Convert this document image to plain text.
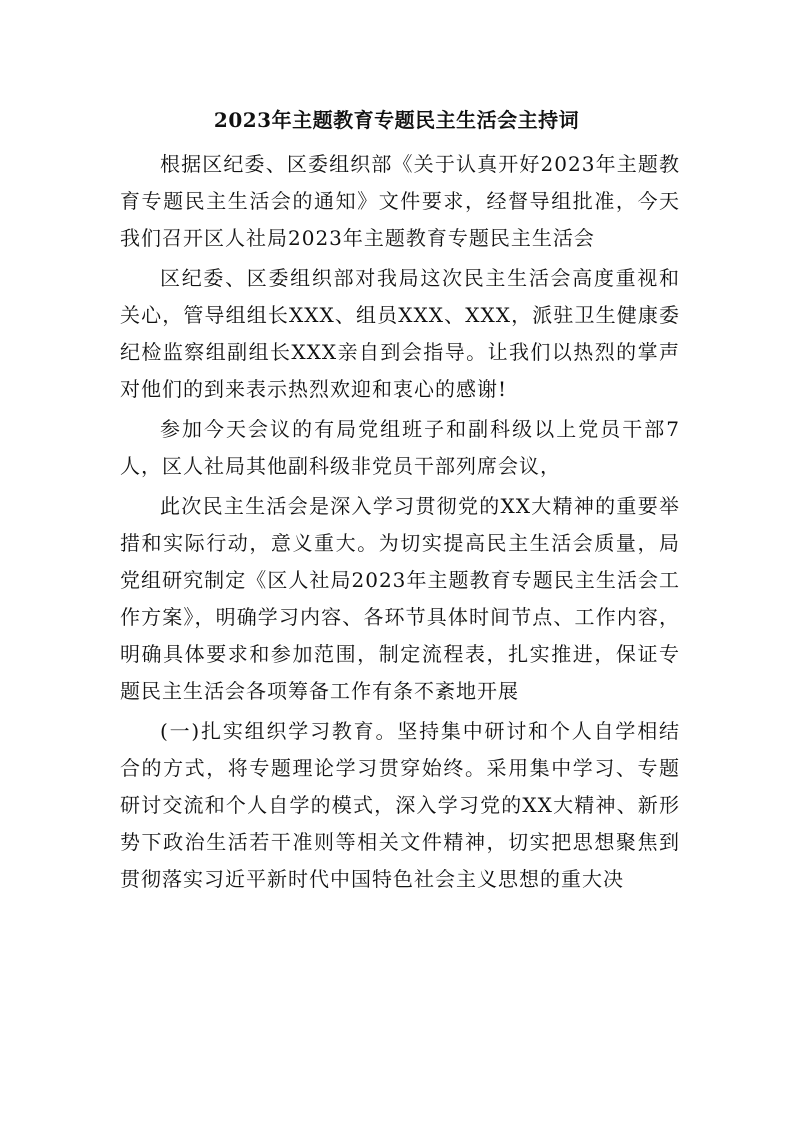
2023年主题教育专题民主生活会主持词

根据区纪委、区委组织部《关于认真开好2023年主题教育专题民主生活会的通知》文件要求，经督导组批准，今天我们召开区人社局2023年主题教育专题民主生活会

区纪委、区委组织部对我局这次民主生活会高度重视和关心，管导组组长XXX、组员XXX、XXX，派驻卫生健康委纪检监察组副组长XXX亲自到会指导。让我们以热烈的掌声对他们的到来表示热烈欢迎和衷心的感谢!

参加今天会议的有局党组班子和副科级以上党员干部7人，区人社局其他副科级非党员干部列席会议，

此次民主生活会是深入学习贯彻党的XX大精神的重要举措和实际行动，意义重大。为切实提高民主生活会质量，局党组研究制定《区人社局2023年主题教育专题民主生活会工作方案》，明确学习内容、各环节具体时间节点、工作内容，明确具体要求和参加范围，制定流程表，扎实推进，保证专题民主生活会各项筹备工作有条不紊地开展

(一)扎实组织学习教育。坚持集中研讨和个人自学相结合的方式，将专题理论学习贯穿始终。采用集中学习、专题研讨交流和个人自学的模式，深入学习党的XX大精神、新形势下政治生活若干准则等相关文件精神，切实把思想聚焦到贯彻落实习近平新时代中国特色社会主义思想的重大决
